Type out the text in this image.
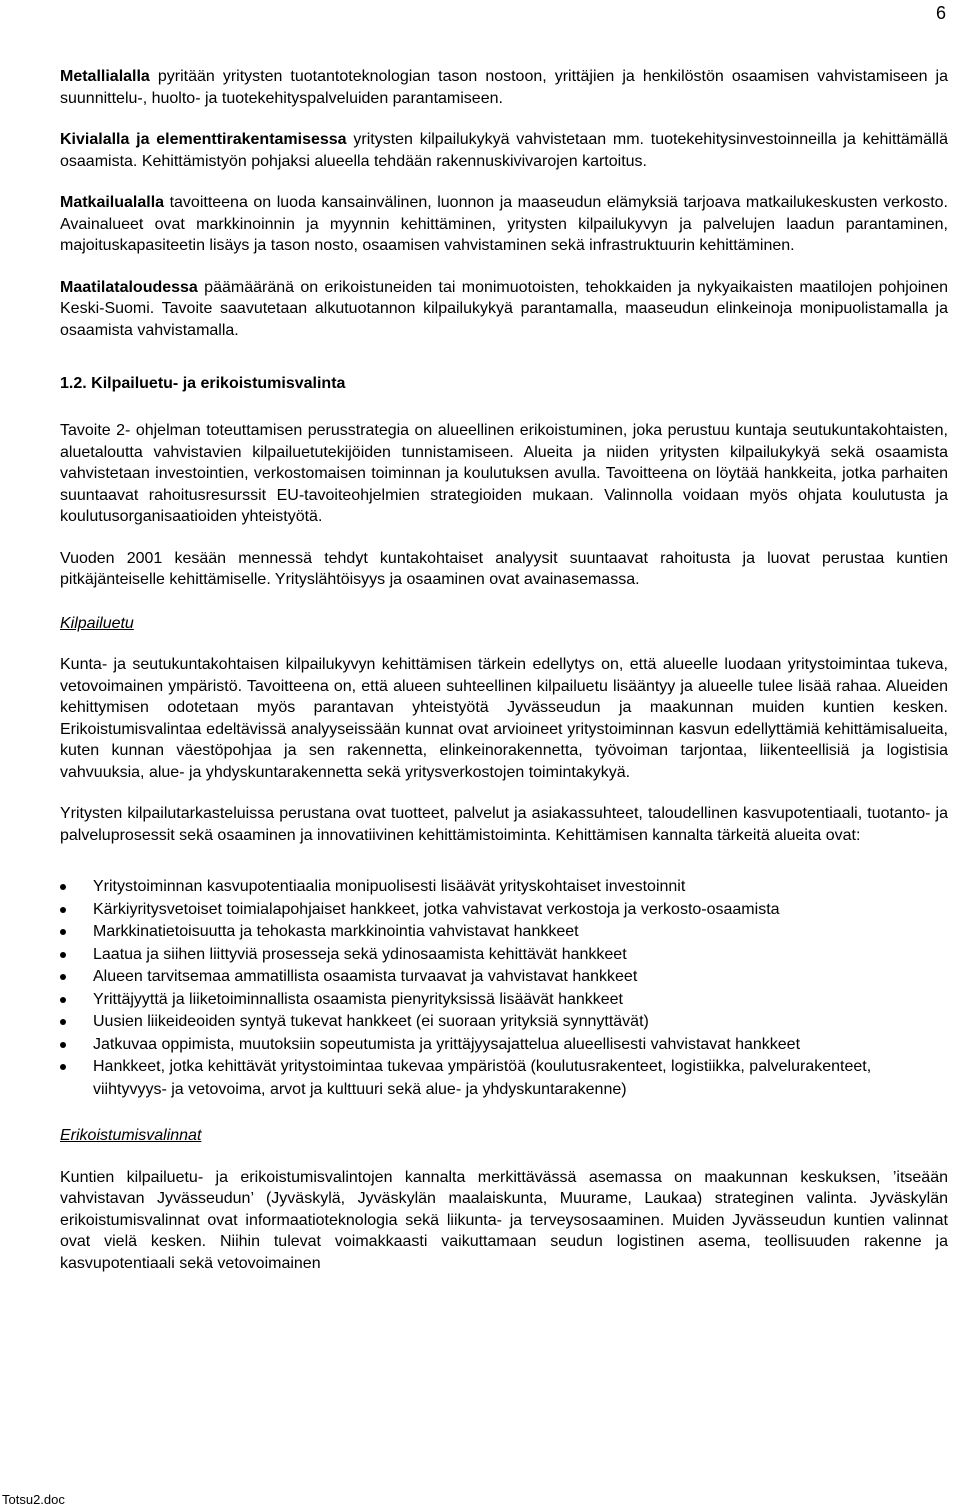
6

Metallialalla pyritään yritysten tuotantoteknologian tason nostoon, yrittäjien ja henkilöstön osaamisen vahvistamiseen ja suunnittelu-, huolto- ja tuotekehityspalveluiden parantamiseen.

Kivialalla ja elementtirakentamisessa yritysten kilpailukykyä vahvistetaan mm. tuotekehitysinvestoinneilla ja kehittämällä osaamista. Kehittämistyön pohjaksi alueella tehdään rakennuskivivarojen kartoitus.

Matkailualalla tavoitteena on luoda kansainvälinen, luonnon ja maaseudun elämyksiä tarjoava matkailukeskusten verkosto. Avainalueet ovat markkinoinnin ja myynnin kehittäminen, yritysten kilpailukyvyn ja palvelujen laadun parantaminen, majoituskapasiteetin lisäys ja tason nosto, osaamisen vahvistaminen sekä infrastruktuurin kehittäminen.

Maatilataloudessa päämääränä on erikoistuneiden tai monimuotoisten, tehokkaiden ja nykyaikaisten maatilojen pohjoinen Keski-Suomi. Tavoite saavutetaan alkutuotannon kilpailukykyä parantamalla, maaseudun elinkeinoja monipuolistamalla ja osaamista vahvistamalla.

1.2. Kilpailuetu- ja erikoistumisvalinta

Tavoite 2- ohjelman toteuttamisen perusstrategia on alueellinen erikoistuminen, joka perustuu kuntaja seutukuntakohtaisten, aluetaloutta vahvistavien kilpailuetutekijöiden tunnistamiseen. Alueita ja niiden yritysten kilpailukykyä sekä osaamista vahvistetaan investointien, verkostomaisen toiminnan ja koulutuksen avulla. Tavoitteena on löytää hankkeita, jotka parhaiten suuntaavat rahoitusresurssit EU-tavoiteohjelmien strategioiden mukaan. Valinnolla voidaan myös ohjata koulutusta ja koulutusorganisaatioiden yhteistyötä.

Vuoden 2001 kesään mennessä tehdyt kuntakohtaiset analyysit suuntaavat rahoitusta ja luovat perustaa kuntien pitkäjänteiselle kehittämiselle. Yrityslähtöisyys ja osaaminen ovat avainasemassa.

Kilpailuetu

Kunta- ja seutukuntakohtaisen kilpailukyvyn kehittämisen tärkein edellytys on, että alueelle luodaan yritystoimintaa tukeva, vetovoimainen ympäristö. Tavoitteena on, että alueen suhteellinen kilpailuetu lisääntyy ja alueelle tulee lisää rahaa. Alueiden kehittymisen odotetaan myös parantavan yhteistyötä Jyvässeudun ja maakunnan muiden kuntien kesken. Erikoistumisvalintaa edeltävissä analyyseissään kunnat ovat arvioineet yritystoiminnan kasvun edellyttämiä kehittämisalueita, kuten kunnan väestöpohjaa ja sen rakennetta, elinkeinorakennetta, työvoiman tarjontaa, liikenteellisiä ja logistisia vahvuuksia, alue- ja yhdyskuntarakennetta sekä yritysverkostojen toimintakykyä.

Yritysten kilpailutarkasteluissa perustana ovat tuotteet, palvelut ja asiakassuhteet, taloudellinen kasvupotentiaali, tuotanto- ja palveluprosessit sekä osaaminen ja innovatiivinen kehittämistoiminta. Kehittämisen kannalta tärkeitä alueita ovat:

Yritystoiminnan kasvupotentiaalia monipuolisesti lisäävät yrityskohtaiset investoinnit
Kärkiyritysvetoiset toimialapohjaiset hankkeet, jotka vahvistavat verkostoja ja verkosto-osaamista
Markkinatietoisuutta ja tehokasta markkinointia vahvistavat hankkeet
Laatua ja siihen liittyviä prosesseja sekä ydinosaamista kehittävät hankkeet
Alueen tarvitsemaa ammatillista osaamista turvaavat ja vahvistavat hankkeet
Yrittäjyyttä ja liiketoiminnallista osaamista pienyrityksissä lisäävät hankkeet
Uusien liikeideoiden syntyä tukevat hankkeet (ei suoraan yrityksiä synnyttävät)
Jatkuvaa oppimista, muutoksiin sopeutumista ja yrittäjyysajattelua alueellisesti vahvistavat hankkeet
Hankkeet, jotka kehittävät yritystoimintaa tukevaa ympäristöä (koulutusrakenteet, logistiikka, palvelurakenteet, viihtyvyys- ja vetovoima, arvot ja kulttuuri sekä alue- ja yhdyskuntarakenne)
Erikoistumisvalinnat

Kuntien kilpailuetu- ja erikoistumisvalintojen kannalta merkittävässä asemassa on maakunnan keskuksen, ’itseään vahvistavan Jyvässeudun’ (Jyväskylä, Jyväskylän maalaiskunta, Muurame, Laukaa) strateginen valinta. Jyväskylän erikoistumisvalinnat ovat informaatioteknologia sekä liikunta- ja terveysosaaminen. Muiden Jyvässeudun kuntien valinnat ovat vielä kesken. Niihin tulevat voimakkaasti vaikuttamaan seudun logistinen asema, teollisuuden rakenne ja kasvupotentiaali sekä vetovoimainen

Totsu2.doc
